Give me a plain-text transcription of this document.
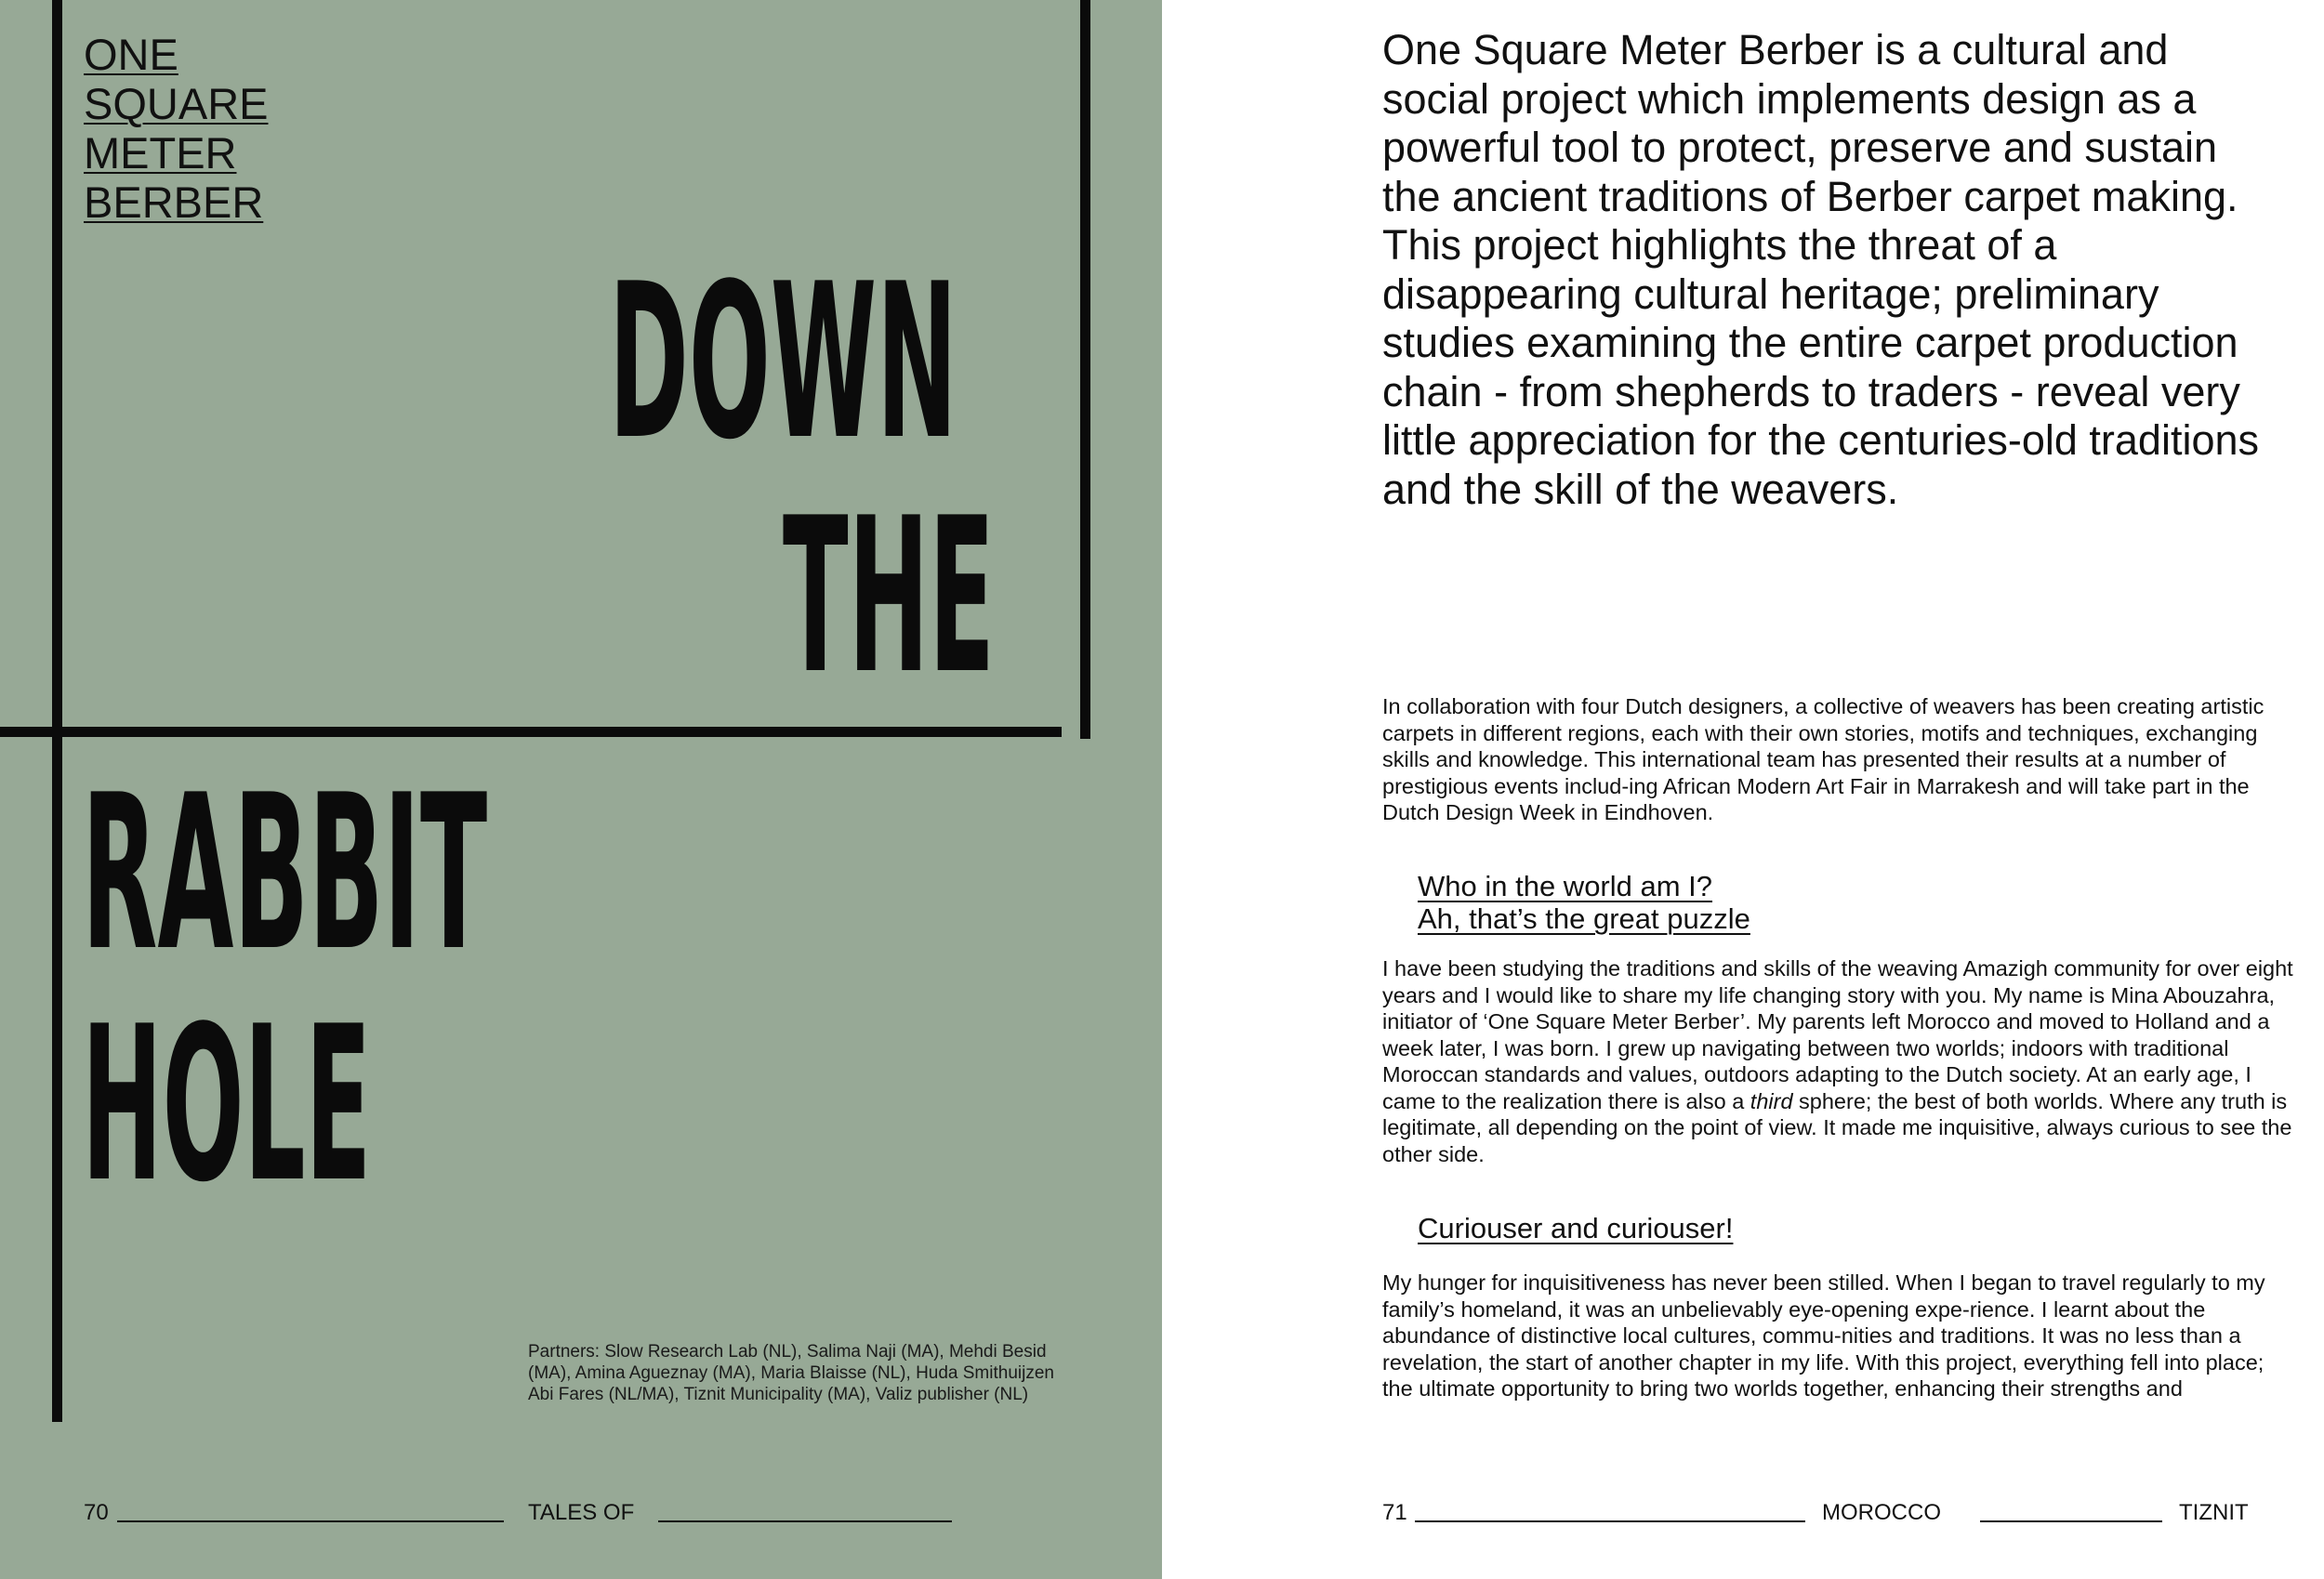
ONE
SQUARE
METER
BERBER
DOWN
THE
RABBIT
HOLE

Partners: Slow Research Lab (NL), Salima Naji (MA), Mehdi Besid (MA), Amina Agueznay (MA), Maria Blaisse (NL), Huda Smithuijzen Abi Fares (NL/MA), Tiznit Municipality (MA), Valiz publisher (NL)

70	TALES OF

One Square Meter Berber is a cultural and social project which implements design as a powerful tool to protect, preserve and sustain the ancient traditions of Berber carpet making. This project highlights the threat of a disappearing cultural heritage; preliminary studies examining the entire carpet production chain - from shepherds to traders - reveal very little appreciation for the centuries-old traditions and the skill of the weavers.

In collaboration with four Dutch designers, a collective of weavers has been creating artistic carpets in different regions, each with their own stories, motifs and techniques, exchanging skills and knowledge. This international team has presented their results at a number of prestigious events includ-ing African Modern Art Fair in Marrakesh and will take part in the Dutch Design Week in Eindhoven.

Who in the world am I?
Ah, that’s the great puzzle

I have been studying the traditions and skills of the weaving Amazigh community for over eight years and I would like to share my life changing story with you. My name is Mina Abouzahra, initiator of ‘One Square Meter Berber’. My parents left Morocco and moved to Holland and a week later, I was born. I grew up navigating between two worlds; indoors with traditional Moroccan standards and values, outdoors adapting to the Dutch society. At an early age, I came to the realization there is also a third sphere; the best of both worlds. Where any truth is legitimate, all depending on the point of view. It made me inquisitive, always curious to see the other side.

Curiouser and curiouser!

My hunger for inquisitiveness has never been stilled. When I began to travel regularly to my family’s homeland, it was an unbelievably eye-opening expe-rience. I learnt about the abundance of distinctive local cultures, commu-nities and traditions. It was no less than a revelation, the start of another chapter in my life. With this project, everything fell into place; the ultimate opportunity to bring two worlds together, enhancing their strengths and

71	MOROCCO	TIZNIT
